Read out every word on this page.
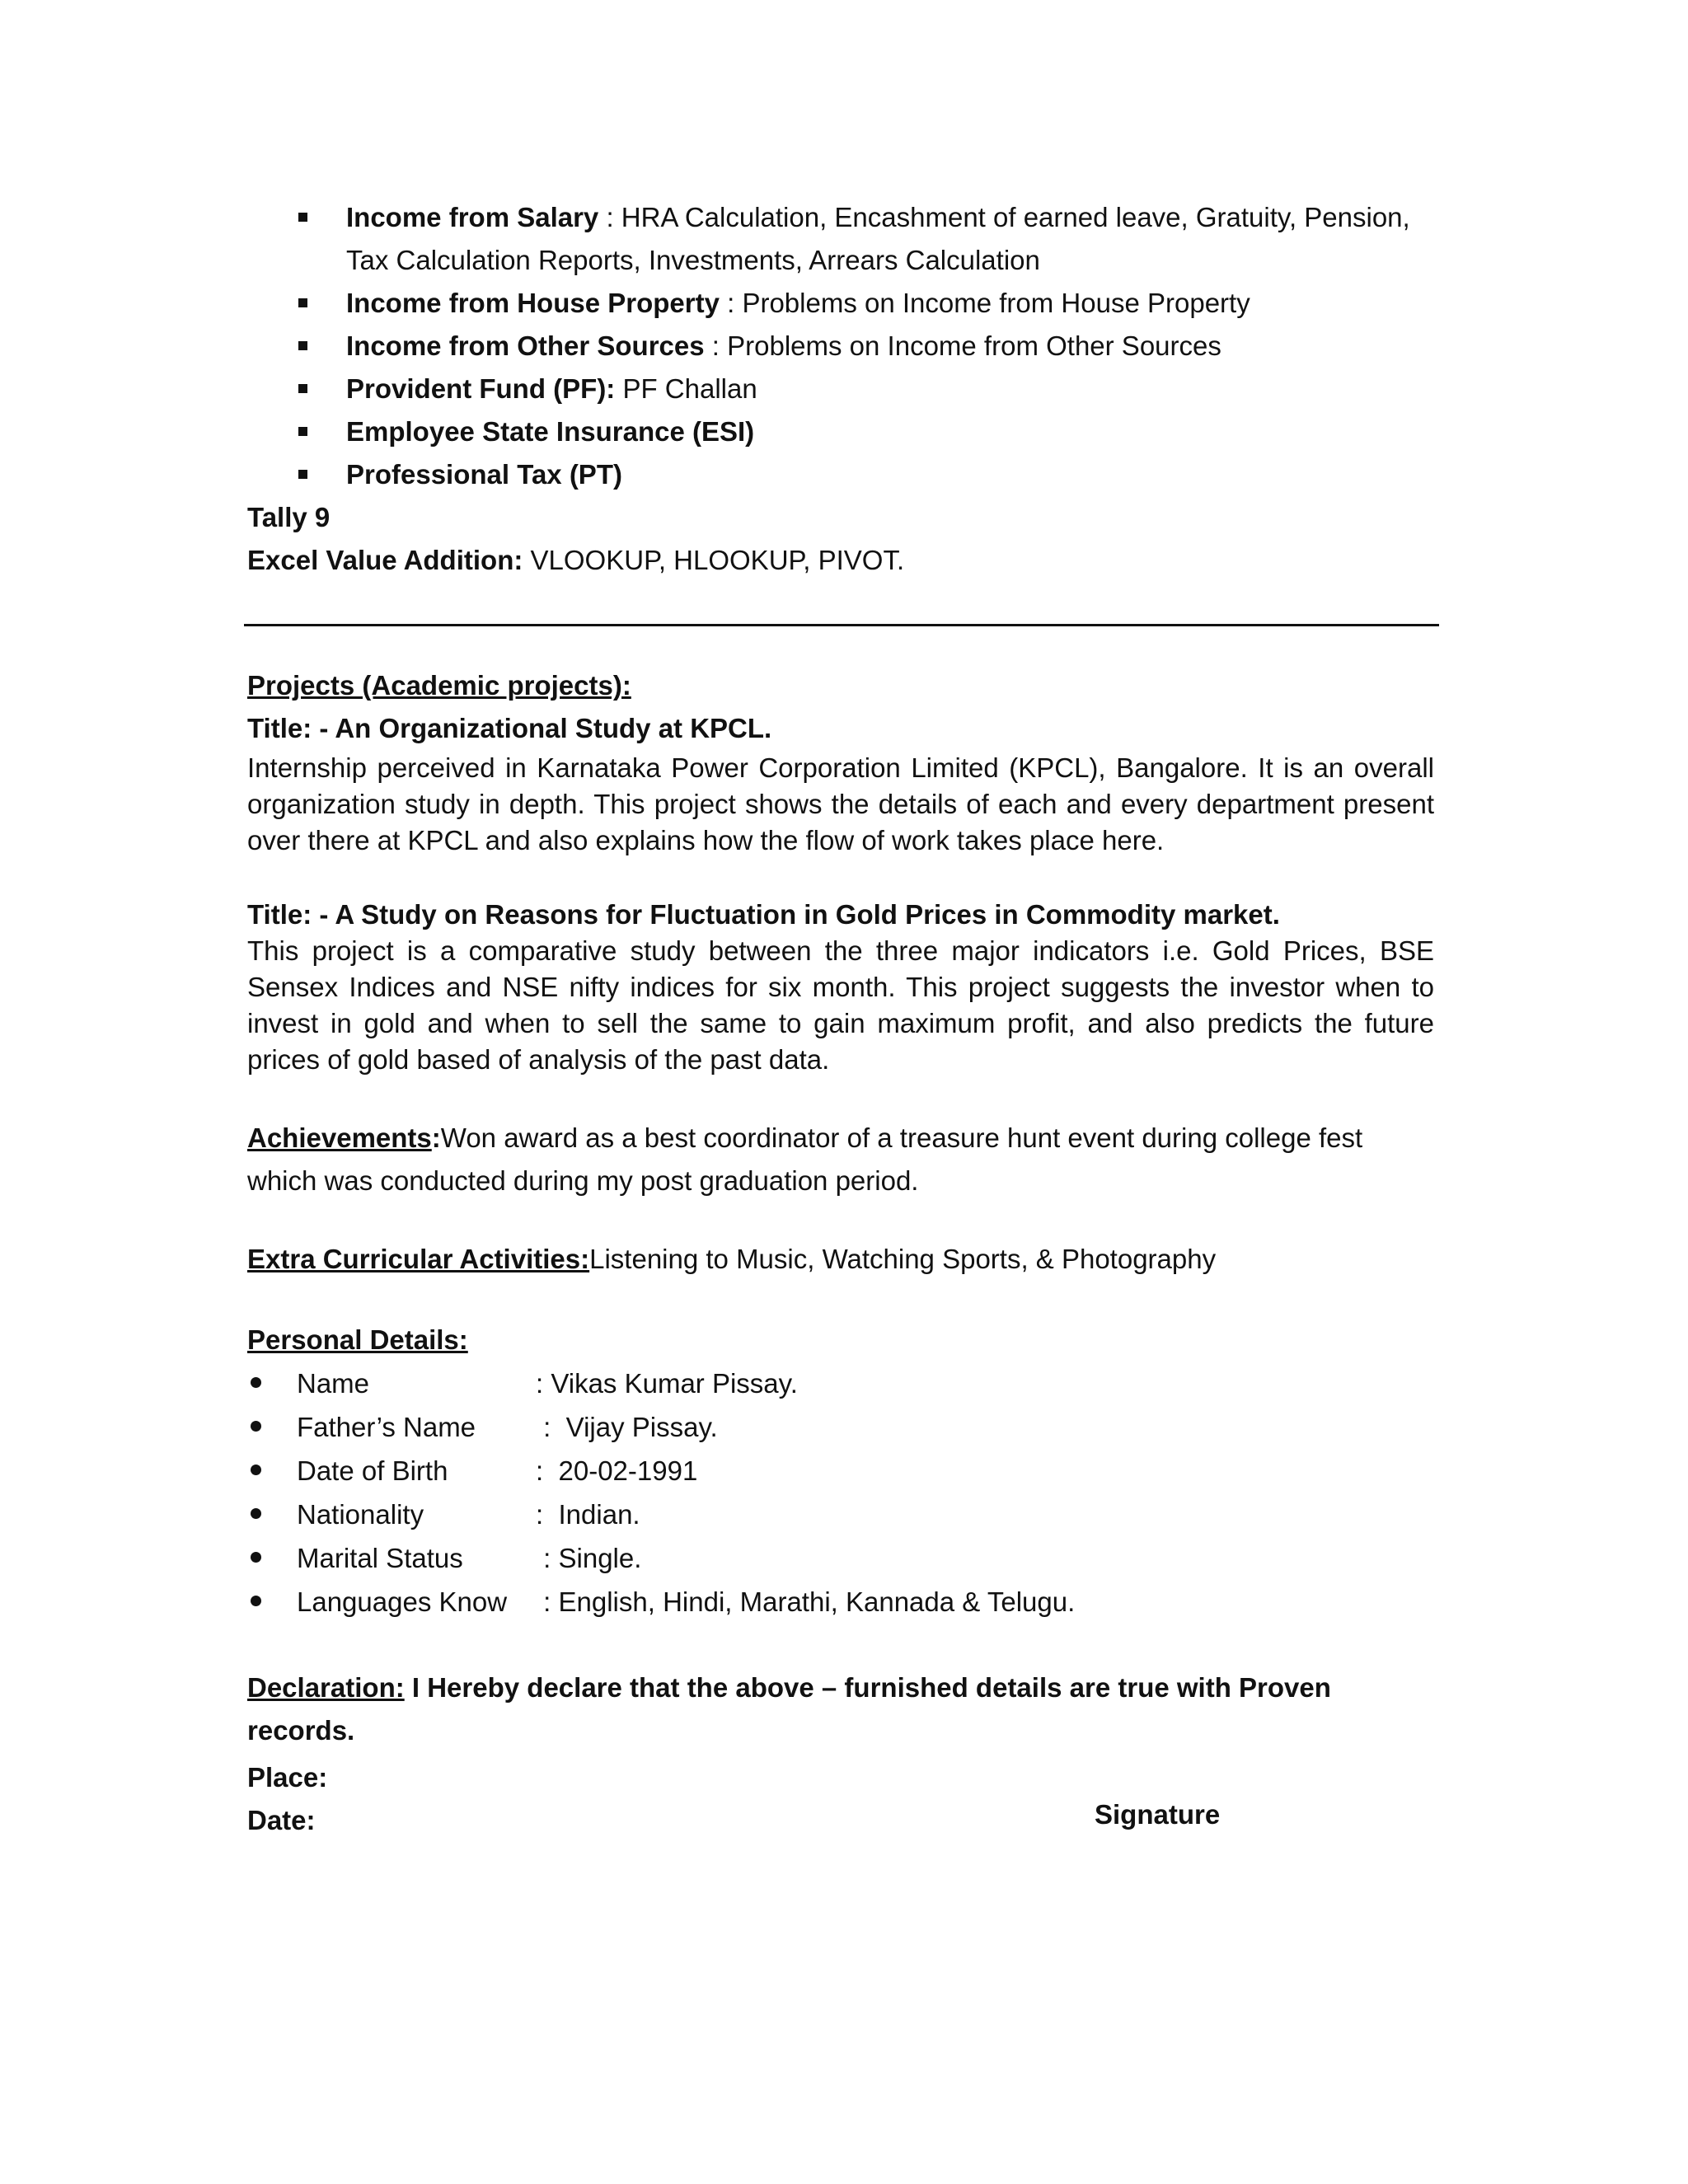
Income from Salary : HRA Calculation, Encashment of earned leave, Gratuity, Pension,
Tax Calculation Reports, Investments, Arrears Calculation
Income from House Property : Problems on Income from House Property
Income from Other Sources : Problems on Income from Other Sources
Provident Fund (PF): PF Challan
Employee State Insurance (ESI)
Professional Tax (PT)
Tally 9
Excel Value Addition: VLOOKUP, HLOOKUP, PIVOT.
Projects (Academic projects):
Title: - An Organizational Study at KPCL.
Internship perceived in Karnataka Power Corporation Limited (KPCL), Bangalore. It is an overall organization study in depth. This project shows the details of each and every department present over there at KPCL and also explains how the flow of work takes place here.
Title: - A Study on Reasons for Fluctuation in Gold Prices in Commodity market.
This project is a comparative study between the three major indicators i.e. Gold Prices, BSE Sensex Indices and NSE nifty indices for six month. This project suggests the investor when to invest in gold and when to sell the same to gain maximum profit, and also predicts the future prices of gold based of analysis of the past data.
Achievements:Won award as a best coordinator of a treasure hunt event during college fest
which was conducted during my post graduation period.
Extra Curricular Activities:Listening to Music, Watching Sports, & Photography
Personal Details:
Name	: Vikas Kumar Pissay.
Father’s Name	:  Vijay Pissay.
Date of Birth	:  20-02-1991
Nationality	:  Indian.
Marital Status	: Single.
Languages Know	: English, Hindi, Marathi, Kannada & Telugu.
Declaration: I Hereby declare that the above – furnished details are true with Proven records.
Place:
Date:	Signature
